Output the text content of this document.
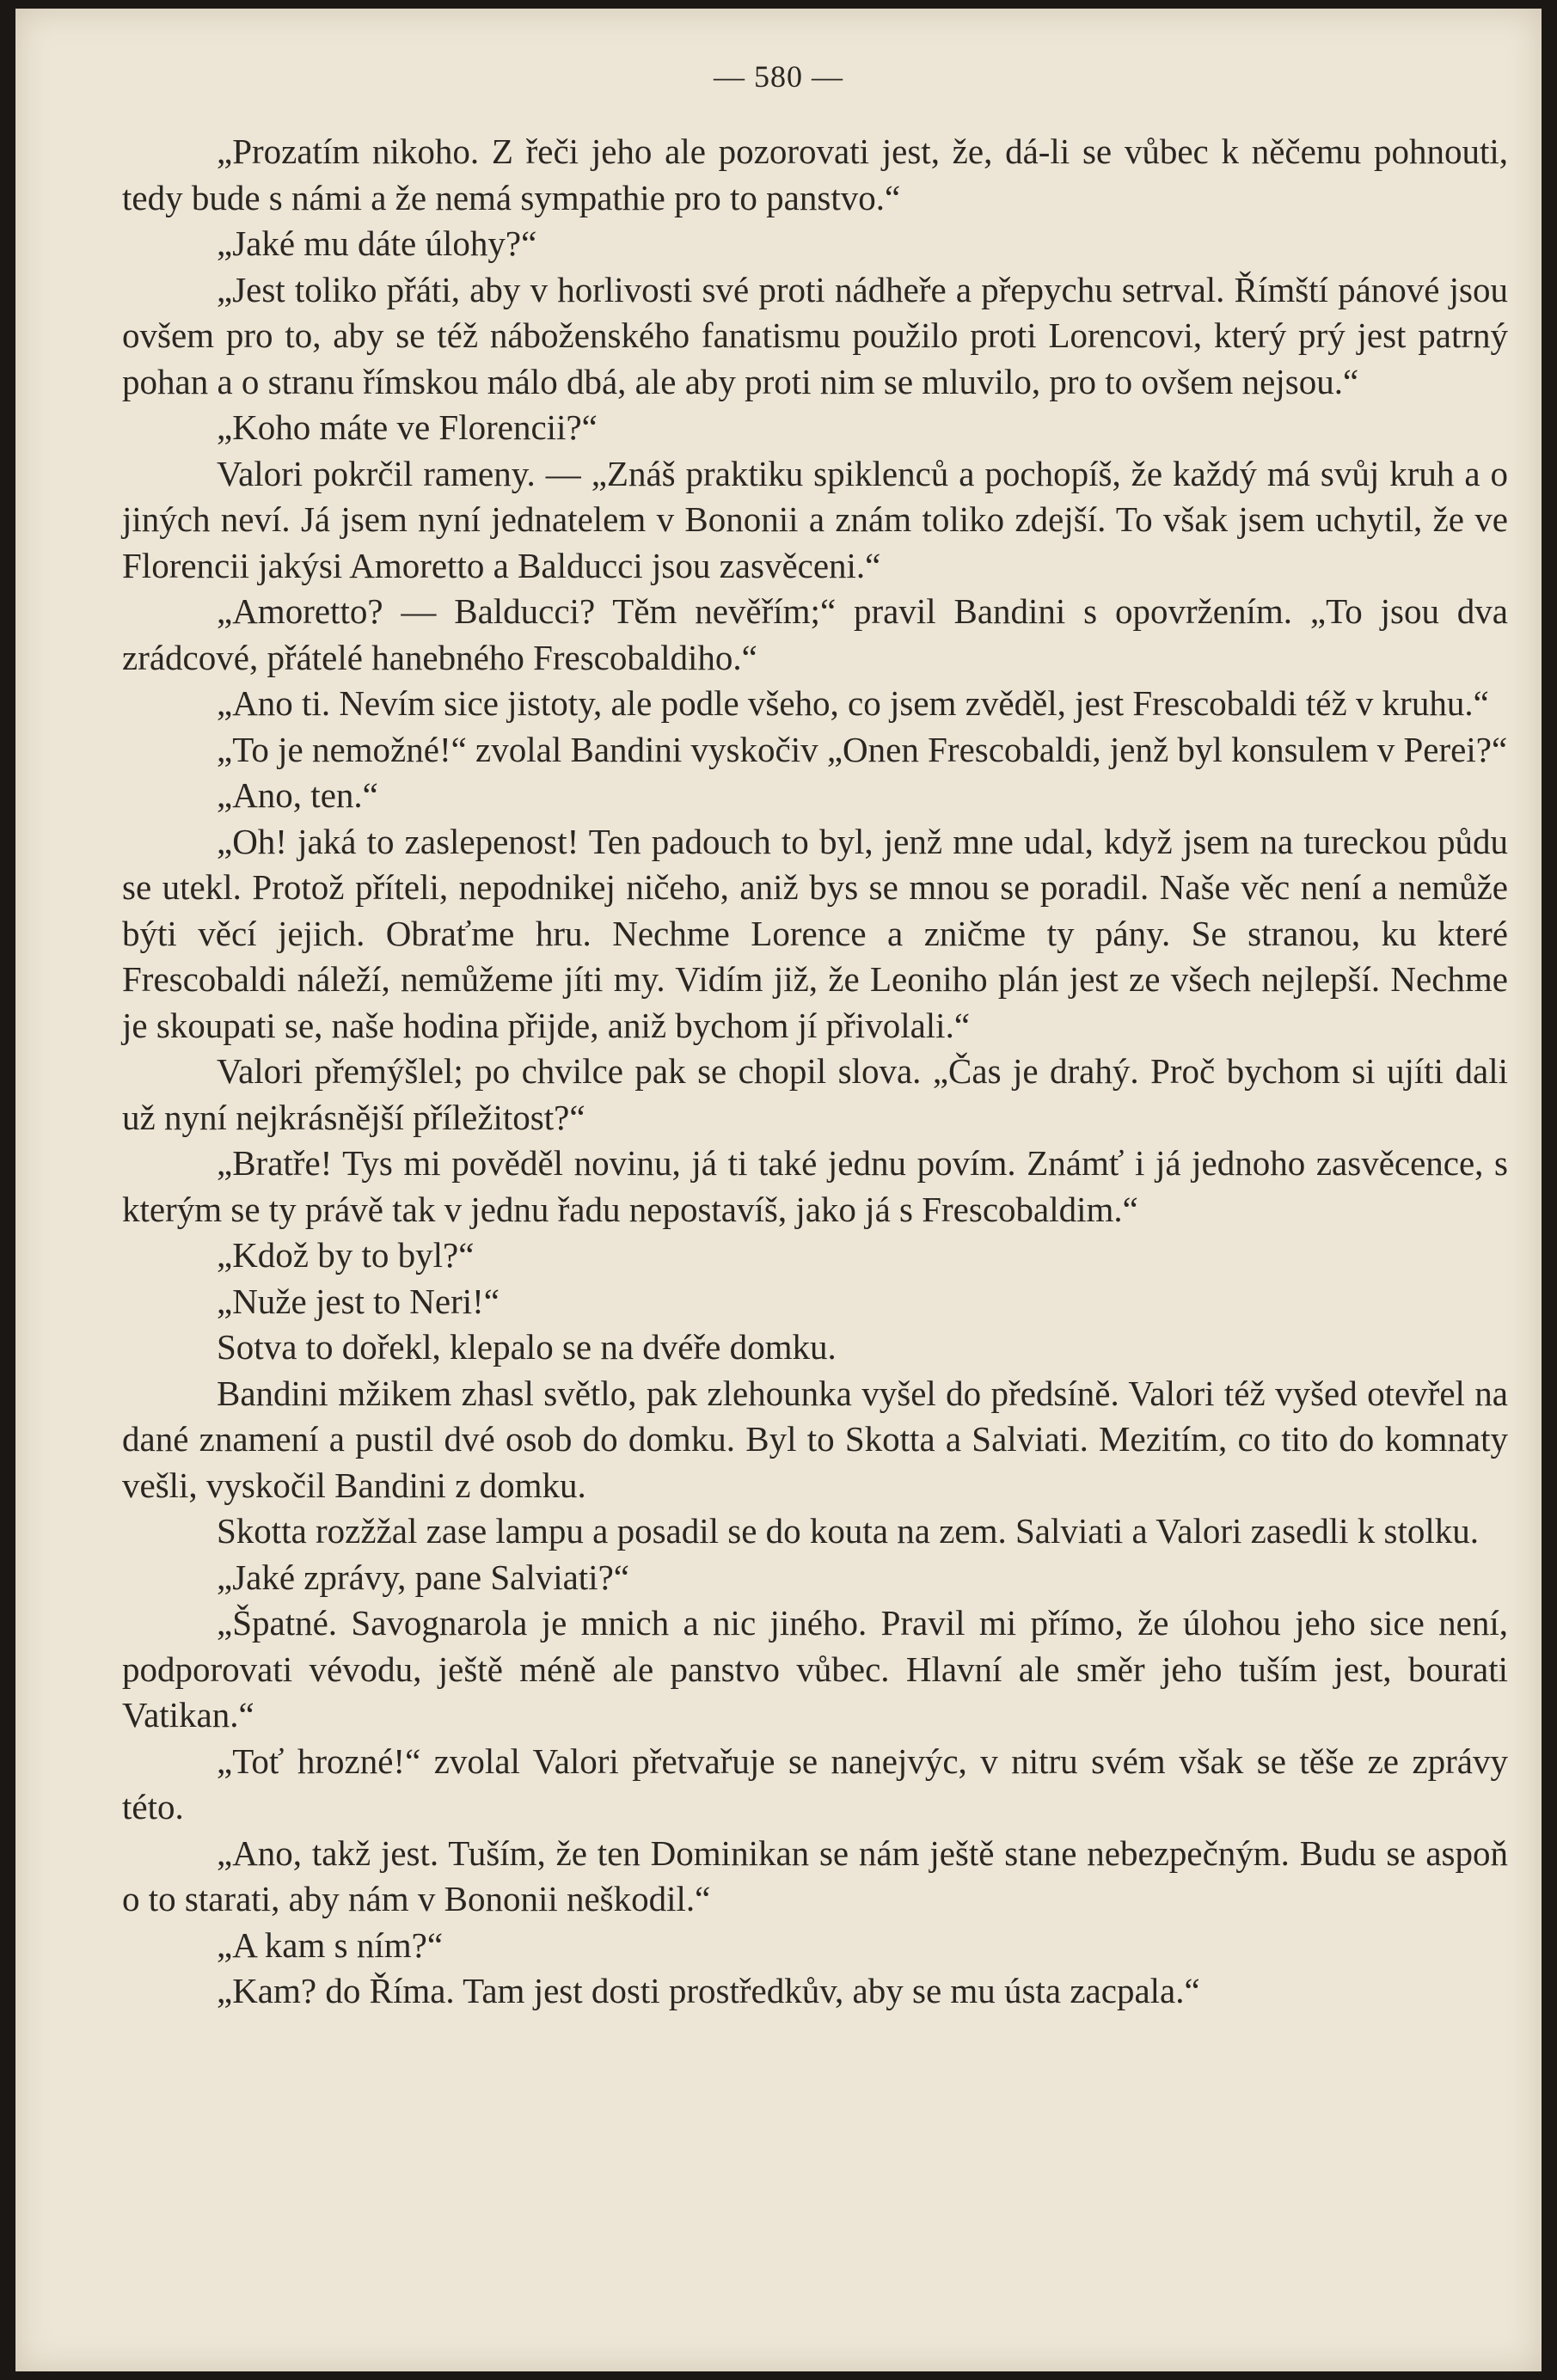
— 580 —

„Prozatím nikoho. Z řeči jeho ale pozorovati jest, že, dá-li se vůbec k něčemu pohnouti, tedy bude s námi a že nemá sympathie pro to panstvo.“

„Jaké mu dáte úlohy?“

„Jest toliko přáti, aby v horlivosti své proti nádheře a přepychu setrval. Římští pánové jsou ovšem pro to, aby se též náboženského fanatismu použilo proti Lorencovi, který prý jest patrný pohan a o stranu římskou málo dbá, ale aby proti nim se mluvilo, pro to ovšem nejsou.“

„Koho máte ve Florencii?“

Valori pokrčil rameny. — „Znáš praktiku spiklenců a pochopíš, že každý má svůj kruh a o jiných neví. Já jsem nyní jednatelem v Bononii a znám toliko zdejší. To však jsem uchytil, že ve Florencii jakýsi Amoretto a Balducci jsou zasvěceni.“

„Amoretto? — Balducci? Těm nevěřím;“ pravil Bandini s opovržením. „To jsou dva zrádcové, přátelé hanebného Frescobaldiho.“

„Ano ti. Nevím sice jistoty, ale podle všeho, co jsem zvěděl, jest Frescobaldi též v kruhu.“

„To je nemožné!“ zvolal Bandini vyskočiv „Onen Frescobaldi, jenž byl konsulem v Perei?“

„Ano, ten.“

„Oh! jaká to zaslepenost! Ten padouch to byl, jenž mne udal, když jsem na tureckou půdu se utekl. Protož příteli, nepodnikej ničeho, aniž bys se mnou se poradil. Naše věc není a nemůže býti věcí jejich. Obraťme hru. Nechme Lorence a zničme ty pány. Se stranou, ku které Frescobaldi náleží, nemůžeme jíti my. Vidím již, že Leoniho plán jest ze všech nejlepší. Nechme je skoupati se, naše hodina přijde, aniž bychom jí přivolali.“

Valori přemýšlel; po chvilce pak se chopil slova. „Čas je drahý. Proč bychom si ujíti dali už nyní nejkrásnější příležitost?“

„Bratře! Tys mi pověděl novinu, já ti také jednu povím. Známť i já jednoho zasvěcence, s kterým se ty právě tak v jednu řadu nepostavíš, jako já s Frescobaldim.“

„Kdož by to byl?“

„Nuže jest to Neri!“

Sotva to dořekl, klepalo se na dvéře domku.

Bandini mžikem zhasl světlo, pak zlehounka vyšel do předsíně. Valori též vyšed otevřel na dané znamení a pustil dvé osob do domku. Byl to Skotta a Salviati. Mezitím, co tito do komnaty vešli, vyskočil Bandini z domku.

Skotta rozžžal zase lampu a posadil se do kouta na zem. Salviati a Valori zasedli k stolku.

„Jaké zprávy, pane Salviati?“

„Špatné. Savognarola je mnich a nic jiného. Pravil mi přímo, že úlohou jeho sice není, podporovati vévodu, ještě méně ale panstvo vůbec. Hlavní ale směr jeho tuším jest, bourati Vatikan.“

„Toť hrozné!“ zvolal Valori přetvařuje se nanejvýc, v nitru svém však se těše ze zprávy této.

„Ano, takž jest. Tuším, že ten Dominikan se nám ještě stane nebezpečným. Budu se aspoň o to starati, aby nám v Bononii neškodil.“

„A kam s ním?“

„Kam? do Říma. Tam jest dosti prostředkův, aby se mu ústa zacpala.“
